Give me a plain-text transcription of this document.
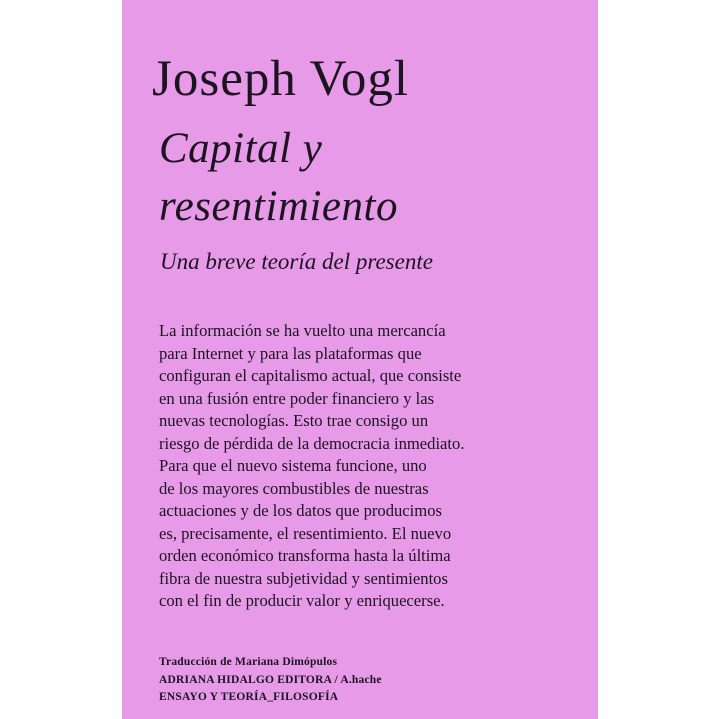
Joseph Vogl
Capital y
resentimiento
Una breve teoría del presente
La información se ha vuelto una mercancía
para Internet y para las plataformas que
configuran el capitalismo actual, que consiste
en una fusión entre poder financiero y las
nuevas tecnologías. Esto trae consigo un
riesgo de pérdida de la democracia inmediato.
Para que el nuevo sistema funcione, uno
de los mayores combustibles de nuestras
actuaciones y de los datos que producimos
es, precisamente, el resentimiento. El nuevo
orden económico transforma hasta la última
fibra de nuestra subjetividad y sentimientos
con el fin de producir valor y enriquecerse.
Traducción de Mariana Dimópulos
ADRIANA HIDALGO EDITORA / A.hache
ENSAYO Y TEORÍA_FILOSOFÍA
